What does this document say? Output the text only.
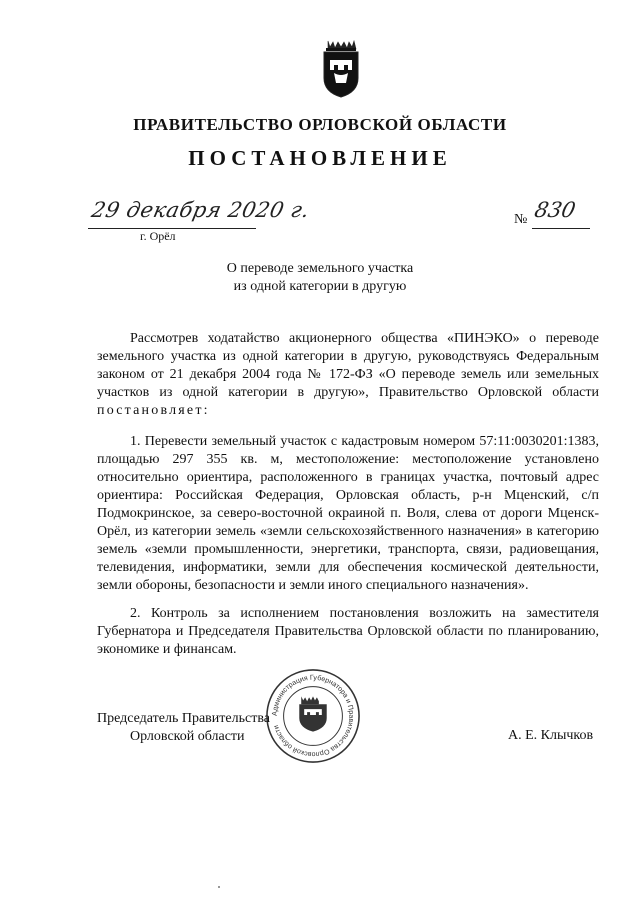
ПРАВИТЕЛЬСТВО ОРЛОВСКОЙ ОБЛАСТИ
ПОСТАНОВЛЕНИЕ
29 декабря 2020 г.
г. Орёл
№ 830
О переводе земельного участка
из одной категории в другую
Рассмотрев ходатайство акционерного общества «ПИНЭКО» о переводе земельного участка из одной категории в другую, руководствуясь Федеральным законом от 21 декабря 2004 года № 172-ФЗ «О переводе земель или земельных участков из одной категории в другую», Правительство Орловской области постановляет:
1. Перевести земельный участок с кадастровым номером 57:11:0030201:1383, площадью 297 355 кв. м, местоположение: местоположение установлено относительно ориентира, расположенного в границах участка, почтовый адрес ориентира: Российская Федерация, Орловская область, р-н Мценский, с/п Подмокринское, за северо-восточной окраиной п. Воля, слева от дороги Мценск-Орёл, из категории земель «земли сельскохозяйственного назначения» в категорию земель «земли промышленности, энергетики, транспорта, связи, радиовещания, телевидения, информатики, земли для обеспечения космической деятельности, земли обороны, безопасности и земли иного специального назначения».
2. Контроль за исполнением постановления возложить на заместителя Губернатора и Председателя Правительства Орловской области по планированию, экономике и финансам.
Администрация Губернатора и Правительства Орловской области
Председатель Правительства
Орловской области	А. Е. Клычков
